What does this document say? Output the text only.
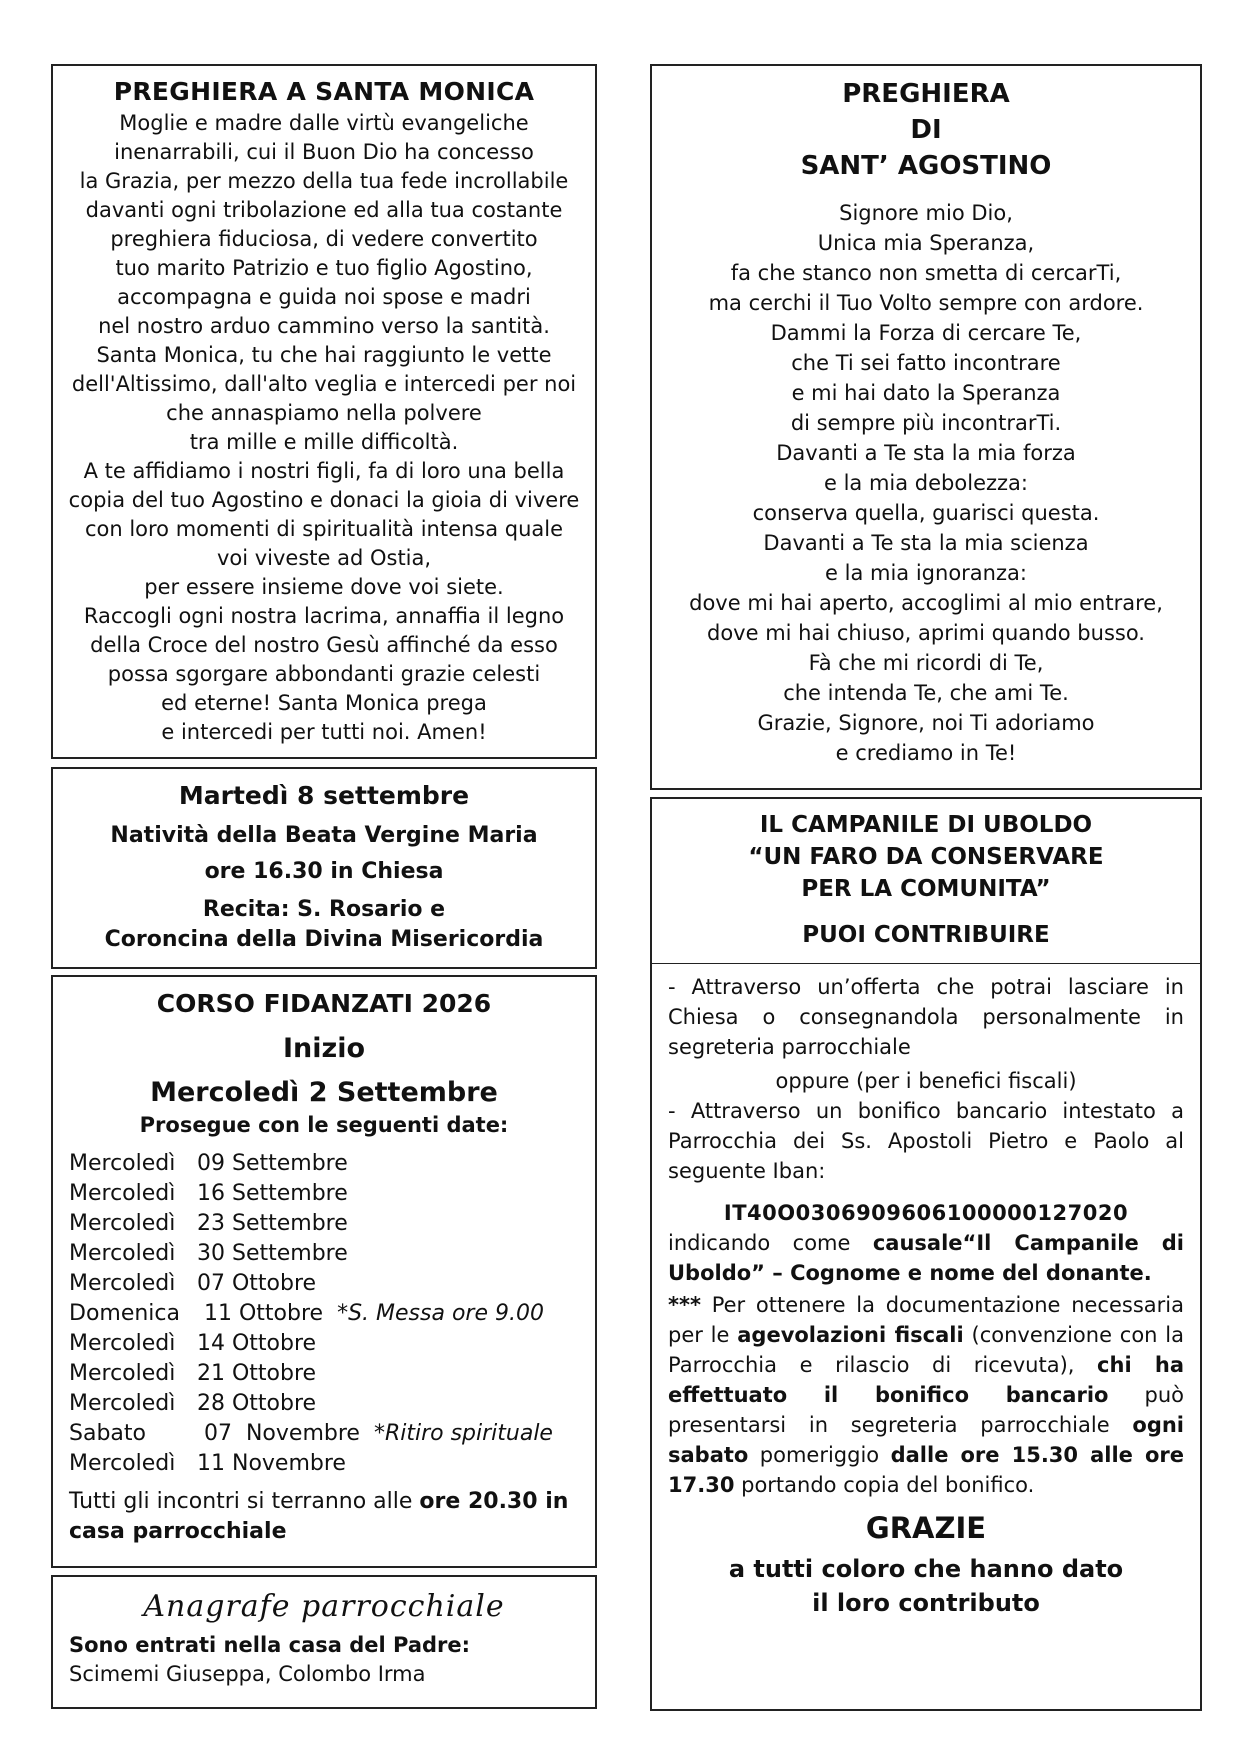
PREGHIERA A SANTA MONICA
Moglie e madre dalle virtù evangeliche
inenarrabili, cui il Buon Dio ha concesso
la Grazia, per mezzo della tua fede incrollabile
davanti ogni tribolazione ed alla tua costante
preghiera fiduciosa, di vedere convertito
tuo marito Patrizio e tuo figlio Agostino,
accompagna e guida noi spose e madri
nel nostro arduo cammino verso la santità.
Santa Monica, tu che hai raggiunto le vette
dell'Altissimo, dall'alto veglia e intercedi per noi
che annaspiamo nella polvere
tra mille e mille difficoltà.
A te affidiamo i nostri figli, fa di loro una bella
copia del tuo Agostino e donaci la gioia di vivere
con loro momenti di spiritualità intensa quale
voi viveste ad Ostia,
per essere insieme dove voi siete.
Raccogli ogni nostra lacrima, annaffia il legno
della Croce del nostro Gesù affinché da esso
possa sgorgare abbondanti grazie celesti
ed eterne! Santa Monica prega
e intercedi per tutti noi. Amen!
PREGHIERA
DI
SANT’ AGOSTINO
Signore mio Dio,
Unica mia Speranza,
fa che stanco non smetta di cercarTi,
ma cerchi il Tuo Volto sempre con ardore.
Dammi la Forza di cercare Te,
che Ti sei fatto incontrare
e mi hai dato la Speranza
di sempre più incontrarTi.
Davanti a Te sta la mia forza
e la mia debolezza:
conserva quella, guarisci questa.
Davanti a Te sta la mia scienza
e la mia ignoranza:
dove mi hai aperto, accoglimi al mio entrare,
dove mi hai chiuso, aprimi quando busso.
Fà che mi ricordi di Te,
che intenda Te, che ami Te.
Grazie, Signore, noi Ti adoriamo
e crediamo in Te!
Martedì 8 settembre
Natività della Beata Vergine Maria
ore 16.30 in Chiesa
Recita: S. Rosario e
Coroncina della Divina Misericordia
CORSO FIDANZATI 2026
Inizio
Mercoledì 2 Settembre
Prosegue con le seguenti date:
Mercoledì 09 Settembre
Mercoledì 16 Settembre
Mercoledì 23 Settembre
Mercoledì 30 Settembre
Mercoledì 07 Ottobre
Domenica 11 Ottobre *S. Messa ore 9.00
Mercoledì 14 Ottobre
Mercoledì 21 Ottobre
Mercoledì 28 Ottobre
Sabato 07  Novembre *Ritiro spirituale
Mercoledì 11 Novembre
Tutti gli incontri si terranno alle ore 20.30 in casa parrocchiale
Anagrafe parrocchiale
Sono entrati nella casa del Padre:
Scimemi Giuseppa, Colombo Irma
IL CAMPANILE DI UBOLDO
“UN FARO DA CONSERVARE
PER LA COMUNITA”
PUOI CONTRIBUIRE
- Attraverso un’offerta che potrai lasciare in Chiesa o consegnandola personalmente in segreteria parrocchiale
oppure (per i benefici fiscali)
- Attraverso un bonifico bancario intestato a Parrocchia dei Ss. Apostoli Pietro e Paolo al seguente Iban:
IT40O0306909606100000127020
indicando come causale“Il Campanile di Uboldo” – Cognome e nome del donante.
*** Per ottenere la documentazione necessaria per le agevolazioni fiscali (convenzione con la Parrocchia e rilascio di ricevuta), chi ha effettuato il bonifico bancario può presentarsi in segreteria parrocchiale ogni sabato pomeriggio dalle ore 15.30 alle ore 17.30 portando copia del bonifico.
GRAZIE
a tutti coloro che hanno dato
il loro contributo
